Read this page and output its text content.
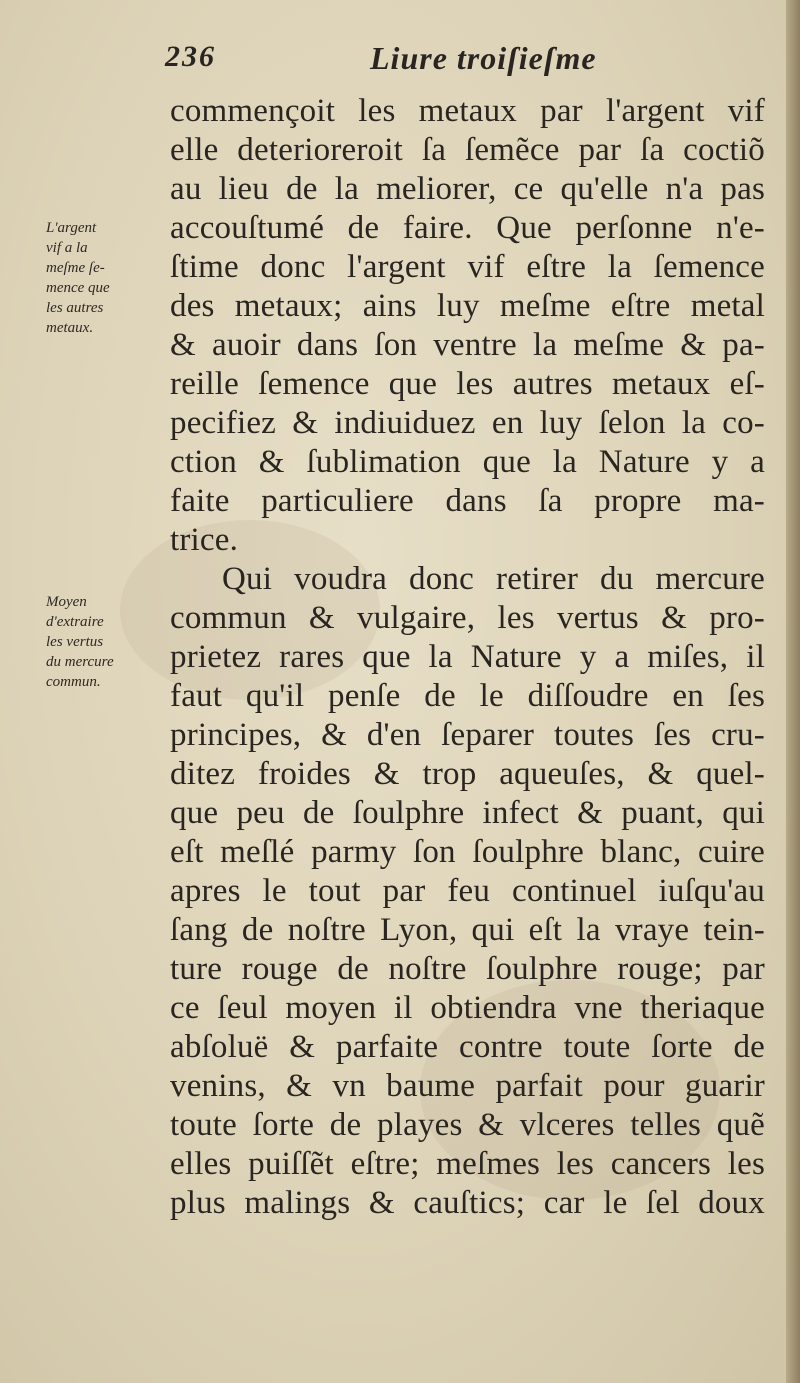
236	Liure troiſieſme
L'argent
vif a la
meſme ſe-
mence que
les autres
metaux.
Moyen
d'extraire
les vertus
du mercure
commun.
commençoit les metaux par l'argent vif
elle deterioreroit ſa ſemẽce par ſa coctiõ
au lieu de la meliorer, ce qu'elle n'a pas
accouſtumé de faire. Que perſonne n'e-
ſtime donc l'argent vif eſtre la ſemence
des metaux; ains luy meſme eſtre metal
& auoir dans ſon ventre la meſme & pa-
reille ſemence que les autres metaux eſ-
pecifiez & indiuiduez en luy ſelon la co-
ction & ſublimation que la Nature y a
faite particuliere dans ſa propre ma-
trice.
Qui voudra donc retirer du mercure
commun & vulgaire, les vertus & pro-
prietez rares que la Nature y a miſes, il
faut qu'il penſe de le diſſoudre en ſes
principes, & d'en ſeparer toutes ſes cru-
ditez froides & trop aqueuſes, & quel-
que peu de ſoulphre infect & puant, qui
eſt meſlé parmy ſon ſoulphre blanc, cuire
apres le tout par feu continuel iuſqu'au
ſang de noſtre Lyon, qui eſt la vraye tein-
ture rouge de noſtre ſoulphre rouge; par
ce ſeul moyen il obtiendra vne theriaque
abſoluë & parfaite contre toute ſorte de
venins, & vn baume parfait pour guarir
toute ſorte de playes & vlceres telles quẽ
elles puiſſẽt eſtre; meſmes les cancers les
plus malings & cauſtics; car le ſel doux
